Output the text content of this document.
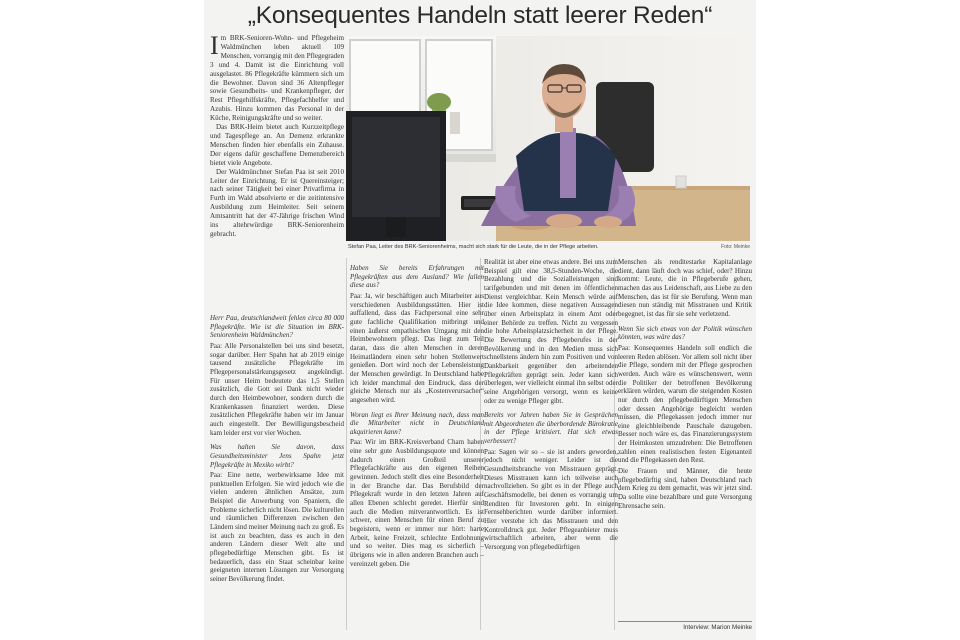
„Konsequentes Handeln statt leerer Reden“

Im BRK-Senioren-Wohn- und Pflegeheim Waldmünchen leben aktuell 109 Menschen, vorrangig mit den Pflegegraden 3 und 4. Damit ist die Einrichtung voll ausgelastet. 86 Pflegekräfte kümmern sich um die Bewohner. Davon sind 36 Altenpfleger sowie Gesundheits- und Krankenpfleger, der Rest Pflegehilfskräfte, Pflegefachhelfer und Azubis. Hinzu kommen das Personal in der Küche, Reinigungskräfte und so weiter.

Das BRK-Heim bietet auch Kurzzeitpflege und Tagespflege an. An Demenz erkrankte Menschen finden hier ebenfalls ein Zuhause. Der eigens dafür geschaffene Demenzbereich bietet viele Angebote.

Der Waldmünchner Stefan Paa ist seit 2010 Leiter der Einrichtung. Er ist Quereinsteiger; nach seiner Tätigkeit bei einer Privatfirma in Furth im Wald absolvierte er die zeitintensive Ausbildung zum Heimleiter. Seit seinem Amtsantritt hat der 47-Jährige frischen Wind ins altehrwürdige BRK-Seniorenheim gebracht.

Stefan Paa, Leiter des BRK-Seniorenheims, macht sich stark für die Leute, die in der Pflege arbeiten.	Foto: Meinke

Herr Paa, deutschlandweit fehlen circa 80 000 Pflegekräfte. Wie ist die Situation im BRK-Seniorenheim Waldmünchen?

Paa: Alle Personalstellen bei uns sind besetzt, sogar darüber. Herr Spahn hat ab 2019 einige tausend zusätzliche Pflegekräfte im Pflegepersonalstärkungsgesetz angekündigt. Für unser Heim bedeutete das 1,5 Stellen zusätzlich, die Gott sei Dank nicht wieder durch den Heimbewohner, sondern durch die Krankenkassen finanziert werden. Diese zusätzlichen Pflegekräfte haben wir im Januar auch eingestellt. Der Bewilligungsbescheid kam leider erst vor vier Wochen.

Was halten Sie davon, dass Gesundheitsminister Jens Spahn jetzt Pflegekräfte in Mexiko wirbt?

Paa: Eine nette, werbewirksame Idee mit punktuellen Erfolgen. Sie wird jedoch wie die vielen anderen ähnlichen Ansätze, zum Beispiel die Anwerbung von Spaniern, die Probleme sicherlich nicht lösen. Die kulturellen und räumlichen Differenzen zwischen den Ländern sind meiner Meinung nach zu groß. Es ist auch zu beachten, dass es auch in den anderen Ländern dieser Welt alte und pflegebedürftige Menschen gibt. Es ist bedauerlich, dass ein Staat scheinbar keine geeigneten internen Lösungen zur Versorgung seiner Bevölkerung findet.

Haben Sie bereits Erfahrungen mit Pflegekräften aus dem Ausland? Wie fallen diese aus?

Paa: Ja, wir beschäftigen auch Mitarbeiter aus verschiedenen Ausbildungsstätten. Hier ist auffallend, dass das Fachpersonal eine sehr gute fachliche Qualifikation mitbringt und einen äußerst empathischen Umgang mit den Heimbewohnern pflegt. Das liegt zum Teil daran, dass die alten Menschen in deren Heimatländern einen sehr hohen Stellenwert genießen. Dort wird noch der Lebensleistung der Menschen gewürdigt. In Deutschland habe ich leider manchmal den Eindruck, dass der gleiche Mensch nur als „Kostenverursacher“ angesehen wird.

Woran liegt es Ihrer Meinung nach, dass man die Mitarbeiter nicht in Deutschland akquirieren kann?

Paa: Wir im BRK-Kreisverband Cham haben eine sehr gute Ausbildungsquote und können dadurch einen Großteil unserer Pflegefachkräfte aus den eigenen Reihen gewinnen. Jedoch stellt dies eine Besonderheit in der Branche dar. Das Berufsbild der Pflegekraft wurde in den letzten Jahren auf allen Ebenen schlecht geredet. Hierfür sind auch die Medien mitverantwortlich. Es ist schwer, einen Menschen für einen Beruf zu begeistern, wenn er immer nur hört: harte Arbeit, keine Freizeit, schlechte Entlohnung und so weiter. Dies mag es sicherlich – übrigens wie in allen anderen Branchen auch – vereinzelt geben. Die

Realität ist aber eine etwas andere. Bei uns zum Beispiel gilt eine 38,5-Stunden-Woche, die Bezahlung und die Sozialleistungen sind tarifgebunden und mit denen im öffentlichen Dienst vergleichbar. Kein Mensch würde auf die Idee kommen, diese negativen Aussagen über einen Arbeitsplatz in einem Amt oder einer Behörde zu treffen. Nicht zu vergessen die hohe Arbeitsplatzsicherheit in der Pflege. Die Bewertung des Pflegeberufes in der Bevölkerung und in den Medien muss sich schnellstens ändern hin zum Positiven und von Dankbarkeit gegenüber den arbeitenden Pflegekräften geprägt sein. Jeder kann sich überlegen, wer vielleicht einmal ihn selbst oder seine Angehörigen versorgt, wenn es keine oder zu wenige Pfleger gibt.

Bereits vor Jahren haben Sie in Gesprächen mit Abgeordneten die überbordende Bürokratie in der Pflege kritisiert. Hat sich etwas verbessert?

Paa: Sagen wir so – sie ist anders geworden, jedoch nicht weniger. Leider ist die Gesundheitsbranche von Misstrauen geprägt. Dieses Misstrauen kann ich teilweise auch nachvollziehen. So gibt es in der Pflege auch Geschäftsmodelle, bei denen es vorrangig um Renditen für Investoren geht. In einigen Fernsehberichten wurde darüber informiert. Hier verstehe ich das Misstrauen und den Kontrolldruck gut. Jeder Pflegeanbieter muss wirtschaftlich arbeiten, aber wenn die Versorgung von pflegebedürftigen

Menschen als renditestarke Kapitalanlage dient, dann läuft doch was schief, oder? Hinzu kommt: Leute, die in Pflegeberufe gehen, machen das aus Leidenschaft, aus Liebe zu den Menschen, das ist für sie Berufung. Wenn man diesen nun ständig mit Misstrauen und Kritik begegnet, ist das für sie sehr verletzend.

Wenn Sie sich etwas von der Politik wünschen könnten, was wäre das?

Paa: Konsequentes Handeln soll endlich die leeren Reden ablösen. Vor allem soll nicht über die Pflege, sondern mit der Pflege gesprochen werden. Auch wäre es wünschenswert, wenn die Politiker der betroffenen Bevölkerung erklären würden, warum die steigenden Kosten nur durch den pflegebedürftigen Menschen oder dessen Angehörige begleicht werden müssen, die Pflegekassen jedoch immer nur eine gleichbleibende Pauschale dazugeben. Besser noch wäre es, das Finanzierungssystem der Heimkosten umzudrehen: Die Betroffenen zahlen einen realistischen festen Eigenanteil und die Pflegekassen den Rest.

Die Frauen und Männer, die heute pflegebedürftig sind, haben Deutschland nach dem Krieg zu dem gemacht, was wir jetzt sind. Da sollte eine bezahlbare und gute Versorgung Ehrensache sein.

Interview: Marion Meinke
